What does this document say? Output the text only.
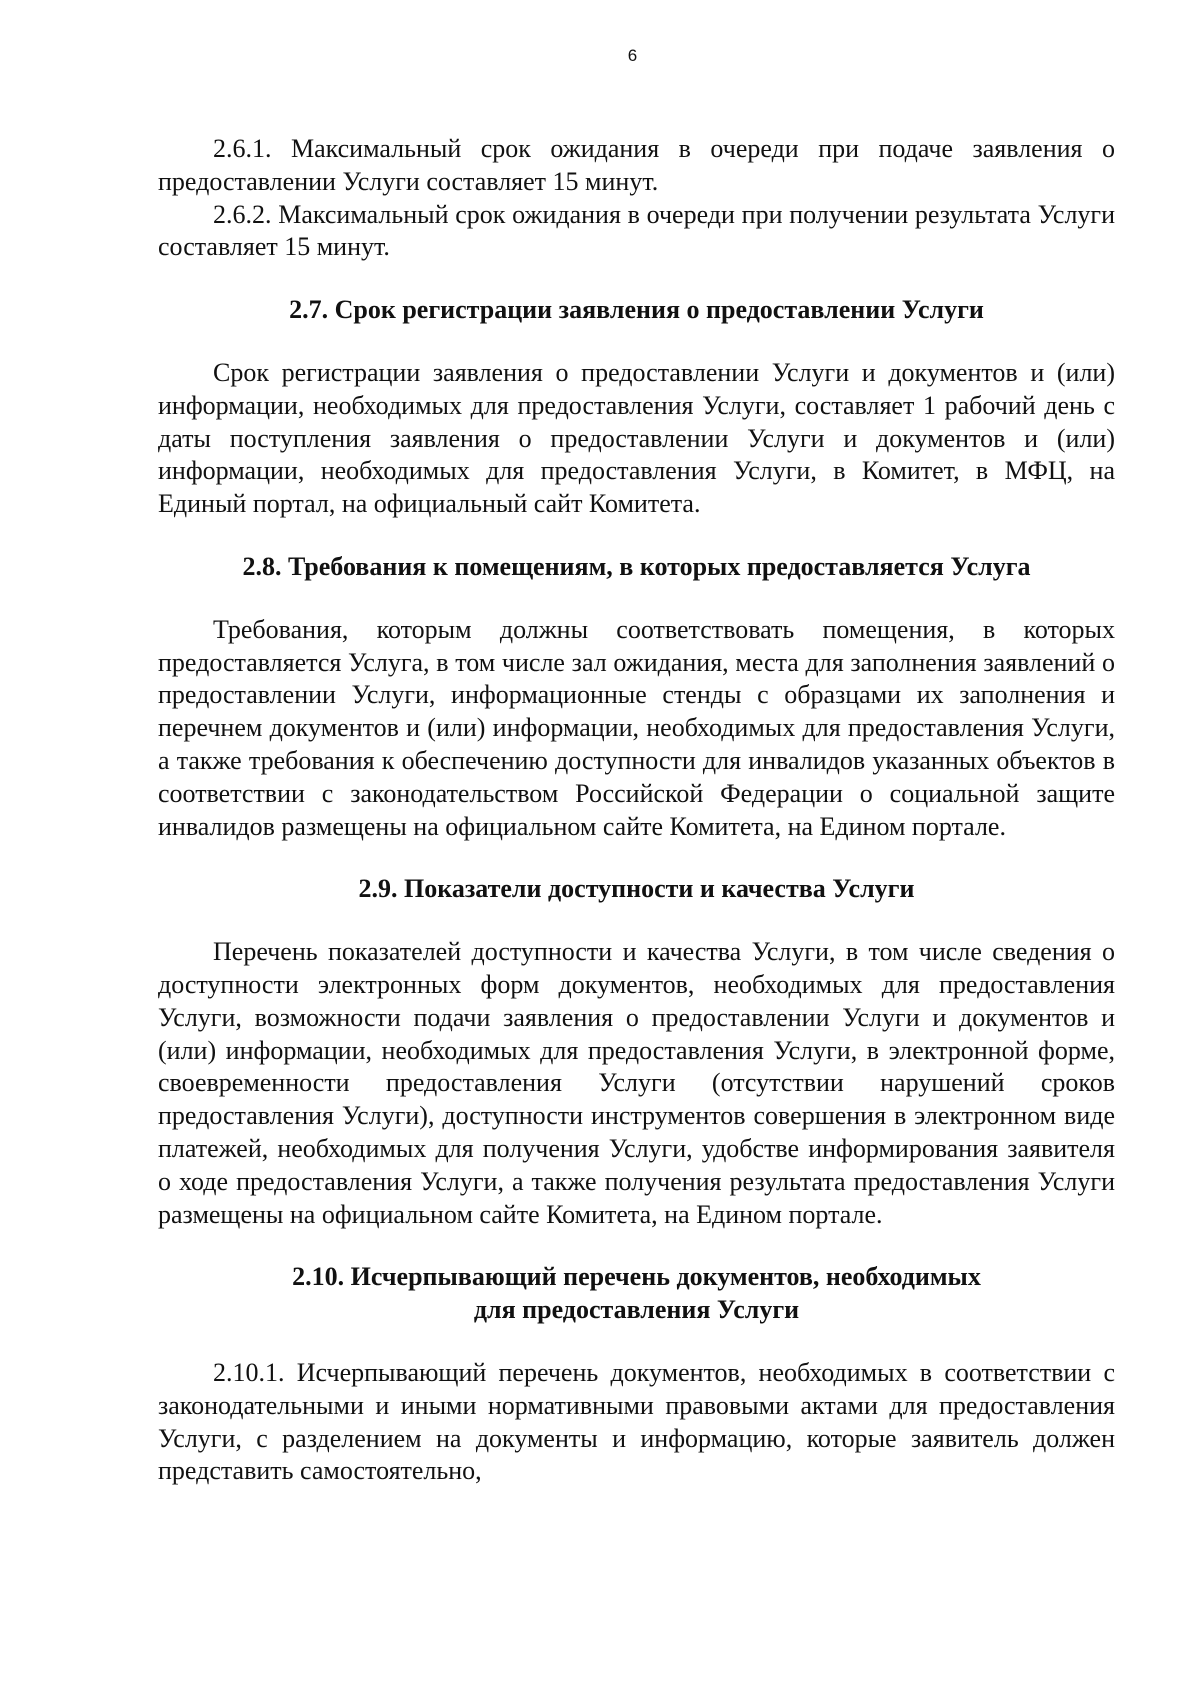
6

2.6.1. Максимальный срок ожидания в очереди при подаче заявления о предоставлении Услуги составляет 15 минут.

2.6.2. Максимальный срок ожидания в очереди при получении результата Услуги составляет 15 минут.

2.7. Срок регистрации заявления о предоставлении Услуги

Срок регистрации заявления о предоставлении Услуги и документов и (или) информации, необходимых для предоставления Услуги, составляет 1 рабочий день с даты поступления заявления о предоставлении Услуги и документов и (или) информации, необходимых для предоставления Услуги, в Комитет, в МФЦ, на Единый портал, на официальный сайт Комитета.

2.8. Требования к помещениям, в которых предоставляется Услуга

Требования, которым должны соответствовать помещения, в которых предоставляется Услуга, в том числе зал ожидания, места для заполнения заявлений о предоставлении Услуги, информационные стенды с образцами их заполнения и перечнем документов и (или) информации, необходимых для предоставления Услуги, а также требования к обеспечению доступности для инвалидов указанных объектов в соответствии с законодательством Российской Федерации о социальной защите инвалидов размещены на официальном сайте Комитета, на Едином портале.

2.9. Показатели доступности и качества Услуги

Перечень показателей доступности и качества Услуги, в том числе сведения о доступности электронных форм документов, необходимых для предоставления Услуги, возможности подачи заявления о предоставлении Услуги и документов и (или) информации, необходимых для предоставления Услуги, в электронной форме, своевременности предоставления Услуги (отсутствии нарушений сроков предоставления Услуги), доступности инструментов совершения в электронном виде платежей, необходимых для получения Услуги, удобстве информирования заявителя о ходе предоставления Услуги, а также получения результата предоставления Услуги размещены на официальном сайте Комитета, на Едином портале.

2.10. Исчерпывающий перечень документов, необходимых
для предоставления Услуги

2.10.1. Исчерпывающий перечень документов, необходимых в соответствии с законодательными и иными нормативными правовыми актами для предоставления Услуги, с разделением на документы и информацию, которые заявитель должен представить самостоятельно,
